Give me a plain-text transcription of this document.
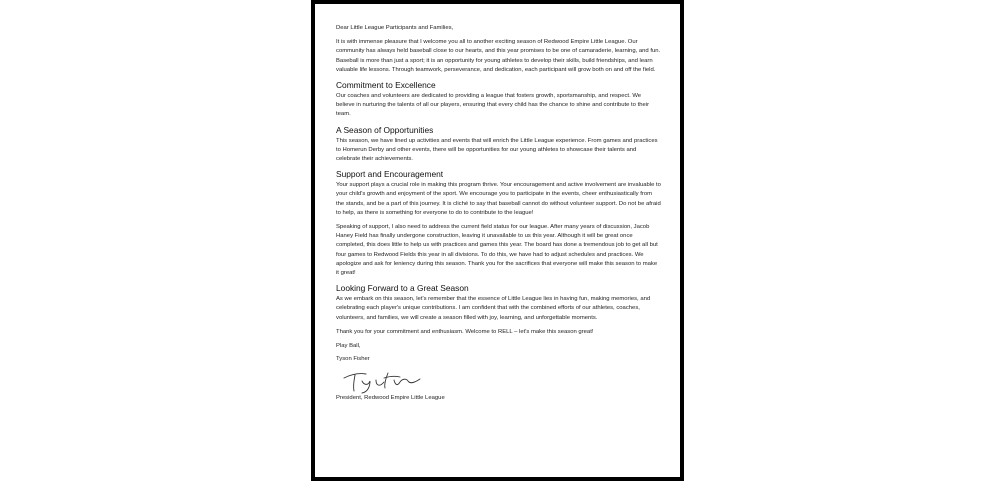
Dear Little League Participants and Families,

It is with immense pleasure that I welcome you all to another exciting season of Redwood Empire Little League. Our community has always held baseball close to our hearts, and this year promises to be one of camaraderie, learning, and fun. Baseball is more than just a sport; it is an opportunity for young athletes to develop their skills, build friendships, and learn valuable life lessons. Through teamwork, perseverance, and dedication, each participant will grow both on and off the field.

Commitment to Excellence

Our coaches and volunteers are dedicated to providing a league that fosters growth, sportsmanship, and respect. We believe in nurturing the talents of all our players, ensuring that every child has the chance to shine and contribute to their team.

A Season of Opportunities

This season, we have lined up activities and events that will enrich the Little League experience. From games and practices to Homerun Derby and other events, there will be opportunities for our young athletes to showcase their talents and celebrate their achievements.

Support and Encouragement

Your support plays a crucial role in making this program thrive. Your encouragement and active involvement are invaluable to your child's growth and enjoyment of the sport. We encourage you to participate in the events, cheer enthusiastically from the stands, and be a part of this journey. It is cliché to say that baseball cannot do without volunteer support. Do not be afraid to help, as there is something for everyone to do to contribute to the league!

Speaking of support, I also need to address the current field status for our league. After many years of discussion, Jacob Haney Field has finally undergone construction, leaving it unavailable to us this year. Although it will be great once completed, this does little to help us with practices and games this year. The board has done a tremendous job to get all but four games to Redwood Fields this year in all divisions. To do this, we have had to adjust schedules and practices. We apologize and ask for leniency during this season. Thank you for the sacrifices that everyone will make this season to make it great!

Looking Forward to a Great Season

As we embark on this season, let's remember that the essence of Little League lies in having fun, making memories, and celebrating each player's unique contributions. I am confident that with the combined efforts of our athletes, coaches, volunteers, and families, we will create a season filled with joy, learning, and unforgettable moments.

Thank you for your commitment and enthusiasm. Welcome to RELL – let's make this season great!

Play Ball,

Tyson Fisher

President, Redwood Empire Little League
